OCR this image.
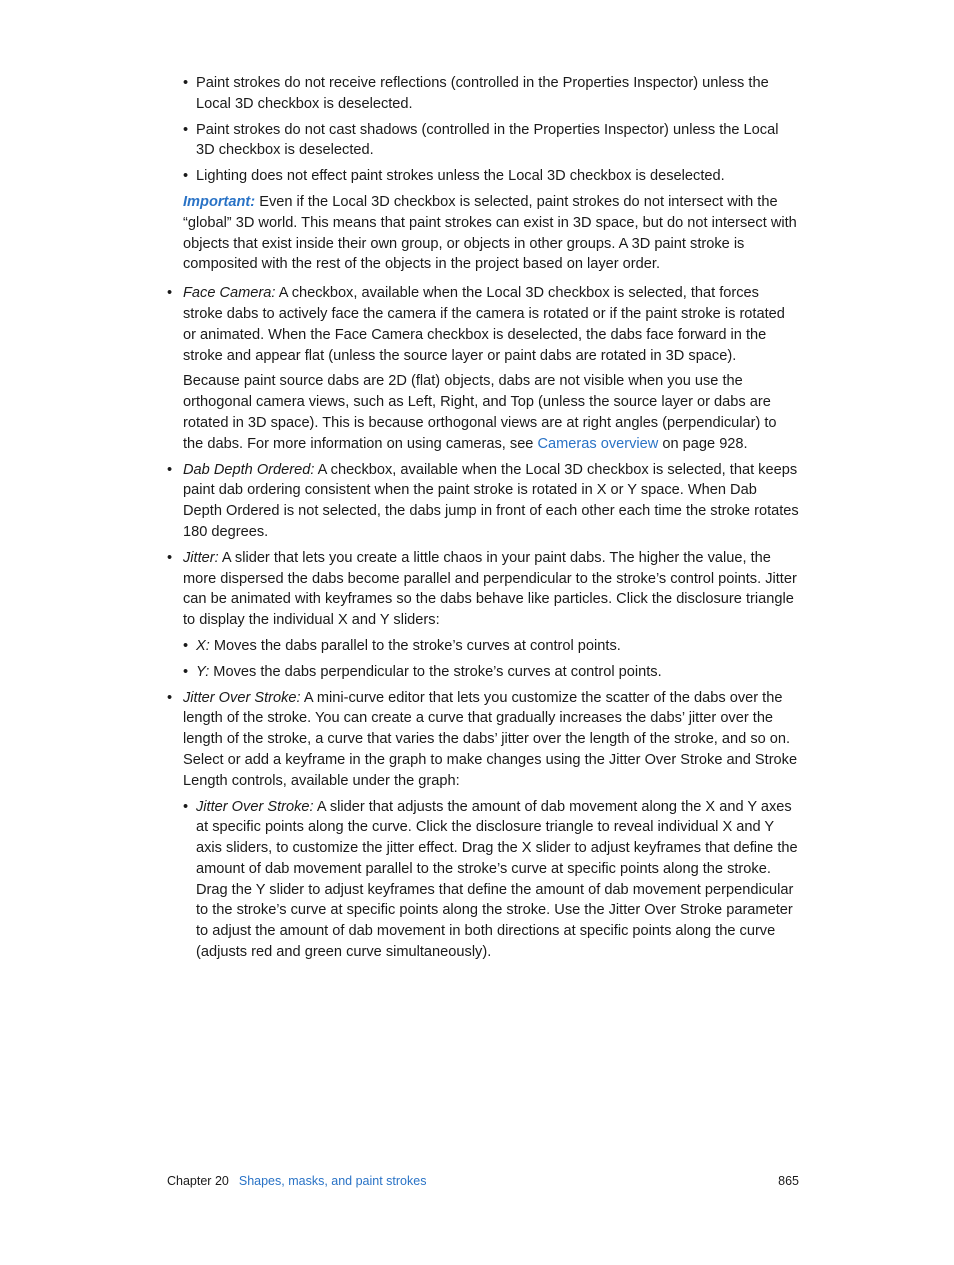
• Paint strokes do not receive reflections (controlled in the Properties Inspector) unless the Local 3D checkbox is deselected.

• Paint strokes do not cast shadows (controlled in the Properties Inspector) unless the Local 3D checkbox is deselected.

• Lighting does not effect paint strokes unless the Local 3D checkbox is deselected.

Important: Even if the Local 3D checkbox is selected, paint strokes do not intersect with the “global” 3D world. This means that paint strokes can exist in 3D space, but do not intersect with objects that exist inside their own group, or objects in other groups. A 3D paint stroke is composited with the rest of the objects in the project based on layer order.

• Face Camera: A checkbox, available when the Local 3D checkbox is selected, that forces stroke dabs to actively face the camera if the camera is rotated or if the paint stroke is rotated or animated. When the Face Camera checkbox is deselected, the dabs face forward in the stroke and appear flat (unless the source layer or paint dabs are rotated in 3D space).

Because paint source dabs are 2D (flat) objects, dabs are not visible when you use the orthogonal camera views, such as Left, Right, and Top (unless the source layer or dabs are rotated in 3D space). This is because orthogonal views are at right angles (perpendicular) to the dabs. For more information on using cameras, see Cameras overview on page 928.

• Dab Depth Ordered: A checkbox, available when the Local 3D checkbox is selected, that keeps paint dab ordering consistent when the paint stroke is rotated in X or Y space. When Dab Depth Ordered is not selected, the dabs jump in front of each other each time the stroke rotates 180 degrees.

• Jitter: A slider that lets you create a little chaos in your paint dabs. The higher the value, the more dispersed the dabs become parallel and perpendicular to the stroke’s control points. Jitter can be animated with keyframes so the dabs behave like particles. Click the disclosure triangle to display the individual X and Y sliders:

• X: Moves the dabs parallel to the stroke’s curves at control points.

• Y: Moves the dabs perpendicular to the stroke’s curves at control points.

• Jitter Over Stroke: A mini-curve editor that lets you customize the scatter of the dabs over the length of the stroke. You can create a curve that gradually increases the dabs’ jitter over the length of the stroke, a curve that varies the dabs’ jitter over the length of the stroke, and so on. Select or add a keyframe in the graph to make changes using the Jitter Over Stroke and Stroke Length controls, available under the graph:

• Jitter Over Stroke: A slider that adjusts the amount of dab movement along the X and Y axes at specific points along the curve. Click the disclosure triangle to reveal individual X and Y axis sliders, to customize the jitter effect. Drag the X slider to adjust keyframes that define the amount of dab movement parallel to the stroke’s curve at specific points along the stroke. Drag the Y slider to adjust keyframes that define the amount of dab movement perpendicular to the stroke’s curve at specific points along the stroke. Use the Jitter Over Stroke parameter to adjust the amount of dab movement in both directions at specific points along the curve (adjusts red and green curve simultaneously).

Chapter 20 Shapes, masks, and paint strokes	865
